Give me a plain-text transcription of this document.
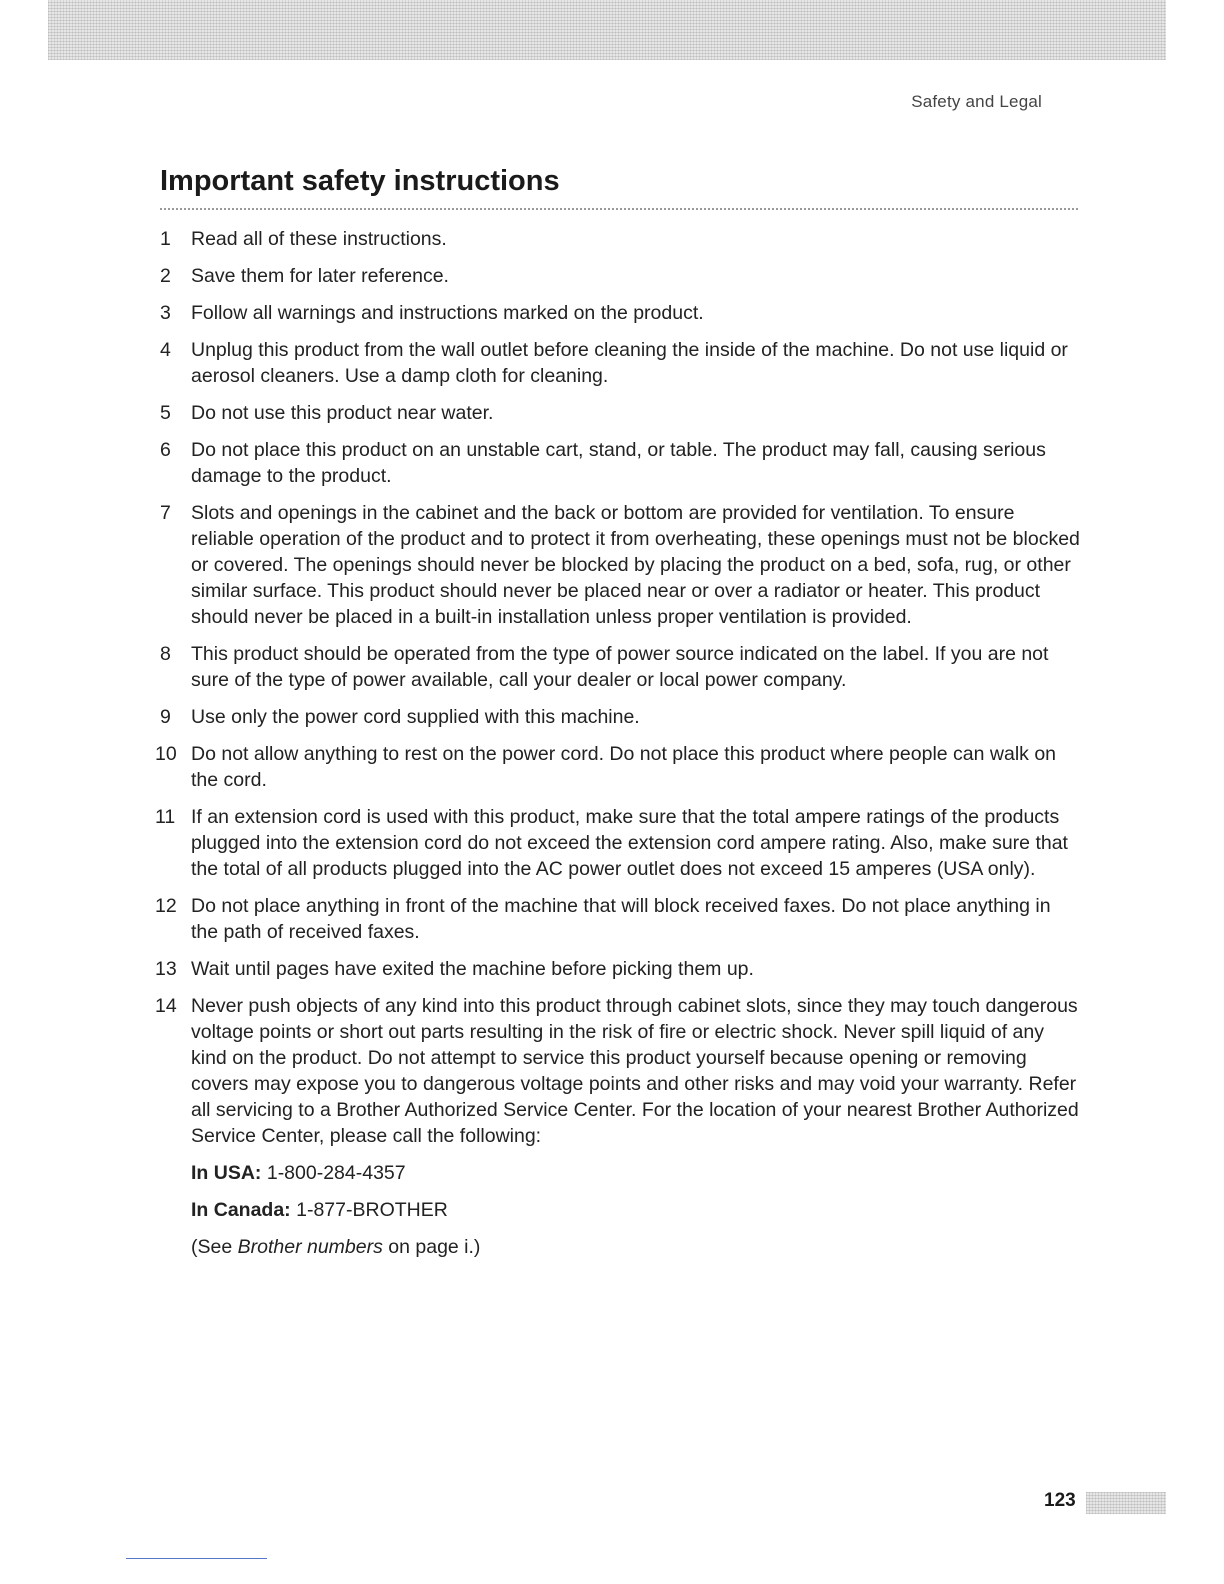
Safety and Legal
Important safety instructions
1 Read all of these instructions.
2 Save them for later reference.
3 Follow all warnings and instructions marked on the product.
4 Unplug this product from the wall outlet before cleaning the inside of the machine. Do not use liquid or aerosol cleaners. Use a damp cloth for cleaning.
5 Do not use this product near water.
6 Do not place this product on an unstable cart, stand, or table. The product may fall, causing serious damage to the product.
7 Slots and openings in the cabinet and the back or bottom are provided for ventilation. To ensure reliable operation of the product and to protect it from overheating, these openings must not be blocked or covered. The openings should never be blocked by placing the product on a bed, sofa, rug, or other similar surface. This product should never be placed near or over a radiator or heater. This product should never be placed in a built-in installation unless proper ventilation is provided.
8 This product should be operated from the type of power source indicated on the label. If you are not sure of the type of power available, call your dealer or local power company.
9 Use only the power cord supplied with this machine.
10 Do not allow anything to rest on the power cord. Do not place this product where people can walk on the cord.
11 If an extension cord is used with this product, make sure that the total ampere ratings of the products plugged into the extension cord do not exceed the extension cord ampere rating. Also, make sure that the total of all products plugged into the AC power outlet does not exceed 15 amperes (USA only).
12 Do not place anything in front of the machine that will block received faxes. Do not place anything in the path of received faxes.
13 Wait until pages have exited the machine before picking them up.
14 Never push objects of any kind into this product through cabinet slots, since they may touch dangerous voltage points or short out parts resulting in the risk of fire or electric shock. Never spill liquid of any kind on the product. Do not attempt to service this product yourself because opening or removing covers may expose you to dangerous voltage points and other risks and may void your warranty. Refer all servicing to a Brother Authorized Service Center. For the location of your nearest Brother Authorized Service Center, please call the following:
In USA: 1-800-284-4357
In Canada: 1-877-BROTHER
(See Brother numbers on page i.)
123
